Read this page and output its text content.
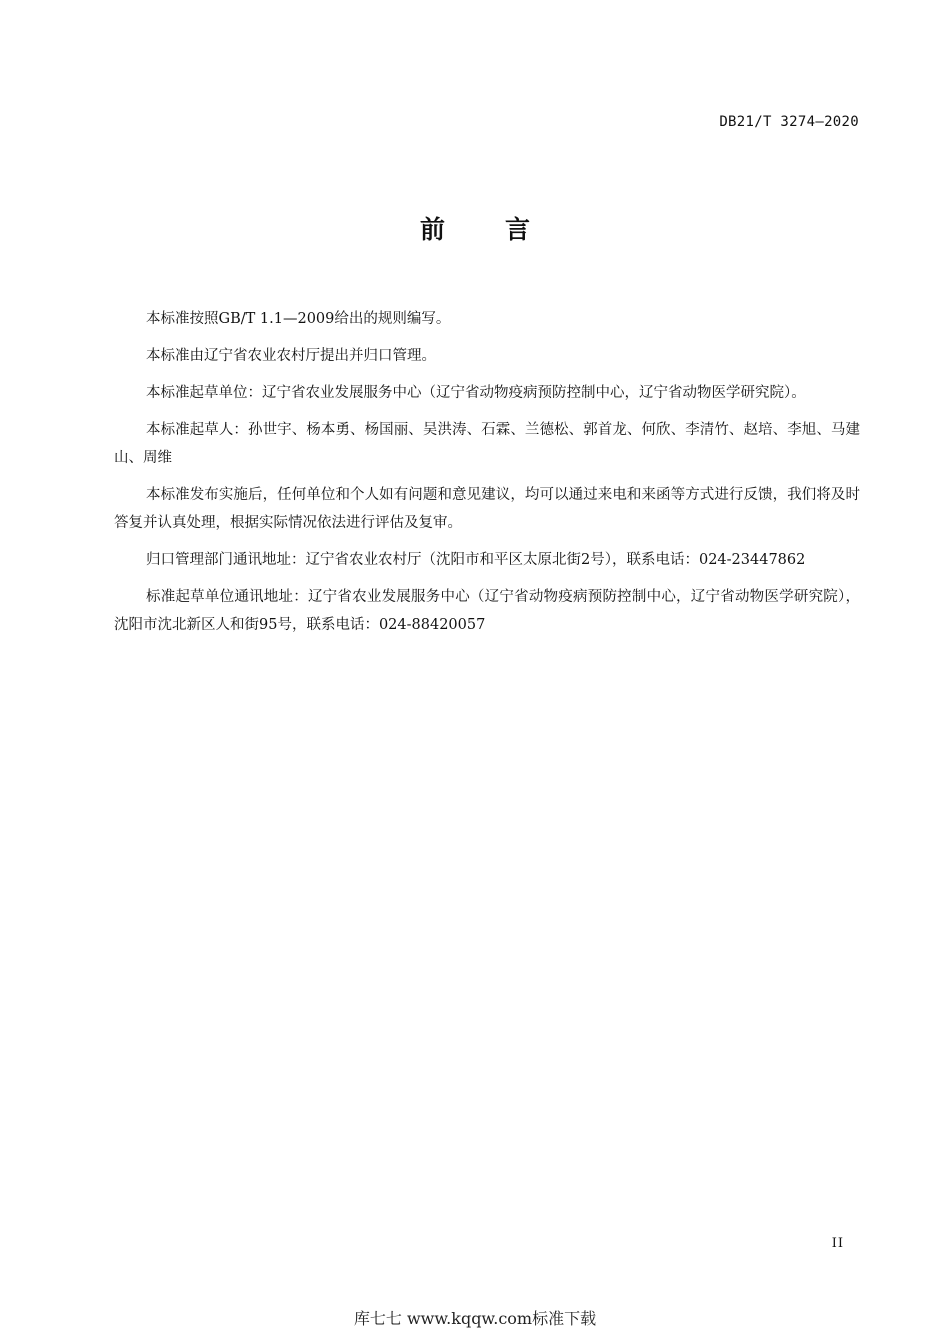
DB21/T 3274—2020
前言

本标准按照GB/T 1.1—2009给出的规则编写。

本标准由辽宁省农业农村厅提出并归口管理。

本标准起草单位：辽宁省农业发展服务中心（辽宁省动物疫病预防控制中心，辽宁省动物医学研究院）。

本标准起草人：孙世宇、杨本勇、杨国丽、吴洪涛、石霖、兰德松、郭首龙、何欣、李清竹、赵培、李旭、马建山、周维

本标准发布实施后，任何单位和个人如有问题和意见建议，均可以通过来电和来函等方式进行反馈，我们将及时答复并认真处理，根据实际情况依法进行评估及复审。

归口管理部门通讯地址：辽宁省农业农村厅（沈阳市和平区太原北街2号），联系电话：024-23447862

标准起草单位通讯地址：辽宁省农业发展服务中心（辽宁省动物疫病预防控制中心，辽宁省动物医学研究院），沈阳市沈北新区人和街95号，联系电话：024-88420057

II
库七七 www.kqqw.com标准下载
